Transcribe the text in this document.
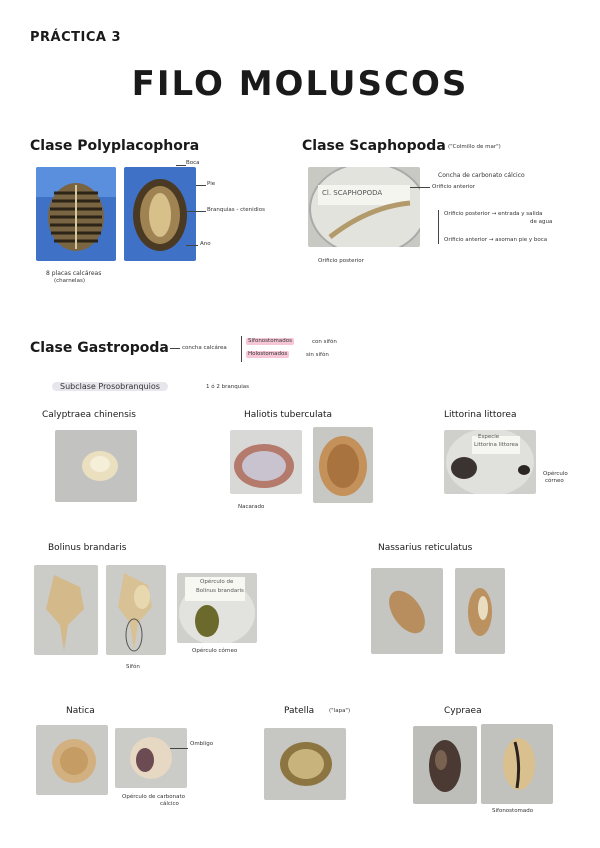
PRÁCTICA 3
FILO MOLUSCOS
Clase Polyplacophora
Boca
Pie
Branquias - ctenidios
Ano
8 placas calcáreas
(charnelas)
Clase Scaphopoda ("Colmillo de mar")
Cl. SCAPHOPODA
Concha de carbonato cálcico
Orificio anterior
Orificio posterior
Orificio posterior → entrada y salida
de agua
Orificio anterior → asoman pie y boca
Clase Gastropoda concha calcárea
Sifonostomados	con sifón
Holostomados	sin sifón
Subclase Prosobranquios	1 ó 2 branquias
Calyptraea chinensis	Haliotis tuberculata
Nacarado
Littorina littorea
Especie
Littorina littorea
Opérculo
córneo
Bolinus brandaris
Sifón
Opérculo de
Bolinus brandaris
Opérculo córneo
Nassarius reticulatus
Natica
Ombligo
Opérculo de carbonato
cálcico
Patella	("lapa")	Cypraea
Sifonostomado
